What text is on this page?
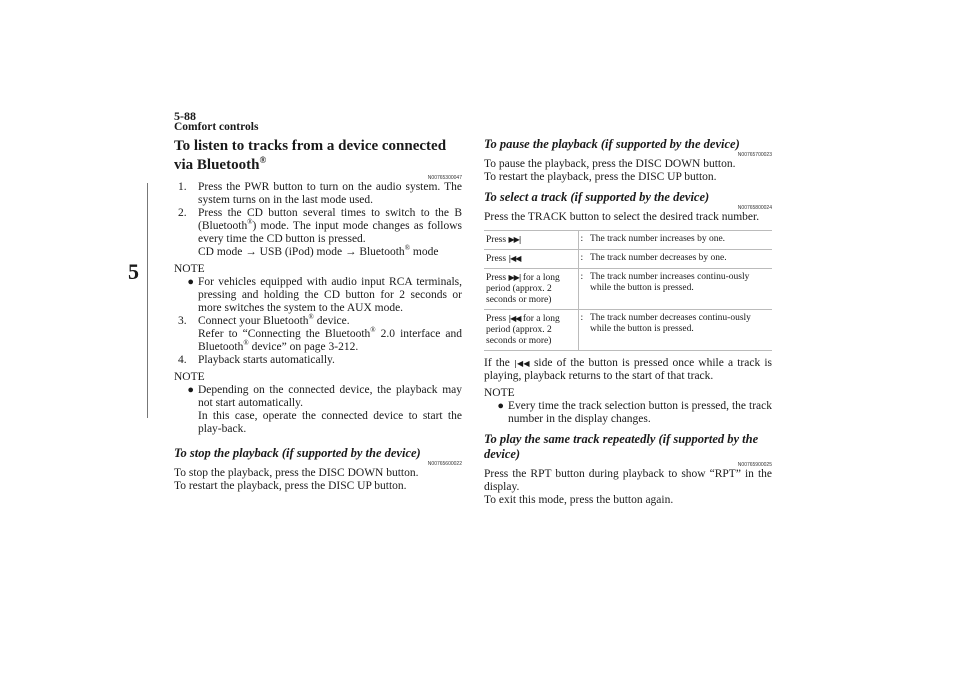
5-88
Comfort controls
5
To listen to tracks from a device connected via Bluetooth®

N00765300047
1. Press the PWR button to turn on the audio system. The system turns on in the last mode used.
2. Press the CD button several times to switch to the B (Bluetooth®) mode. The input mode changes as follows every time the CD button is pressed.
CD mode → USB (iPod) mode → Bluetooth® mode
NOTE
● For vehicles equipped with audio input RCA terminals, pressing and holding the CD button for 2 seconds or more switches the system to the AUX mode.
3. Connect your Bluetooth® device.
Refer to “Connecting the Bluetooth® 2.0 interface and Bluetooth® device” on page 3-212.
4. Playback starts automatically.
NOTE
● Depending on the connected device, the playback may not start automatically.
In this case, operate the connected device to start the play-back.
To stop the playback (if supported by the device)
N00765600022
To stop the playback, press the DISC DOWN button.
To restart the playback, press the DISC UP button.
To pause the playback (if supported by the device)
N00765700023
To pause the playback, press the DISC DOWN button.
To restart the playback, press the DISC UP button.
To select a track (if supported by the device)
N00765800024
Press the TRACK button to select the desired track number.
Press ▶▶|	:	The track number increases by one.
Press |◀◀	:	The track number decreases by one.
Press ▶▶| for a long period (approx. 2 seconds or more)	:	The track number increases continu-ously while the button is pressed.
Press |◀◀ for a long period (approx. 2 seconds or more)	:	The track number decreases continu-ously while the button is pressed.

If the |◀◀ side of the button is pressed once while a track is playing, playback returns to the start of that track.

NOTE
● Every time the track selection button is pressed, the track number in the display changes.
To play the same track repeatedly (if supported by the device)
N00765900025

Press the RPT button during playback to show “RPT” in the display.

To exit this mode, press the button again.
